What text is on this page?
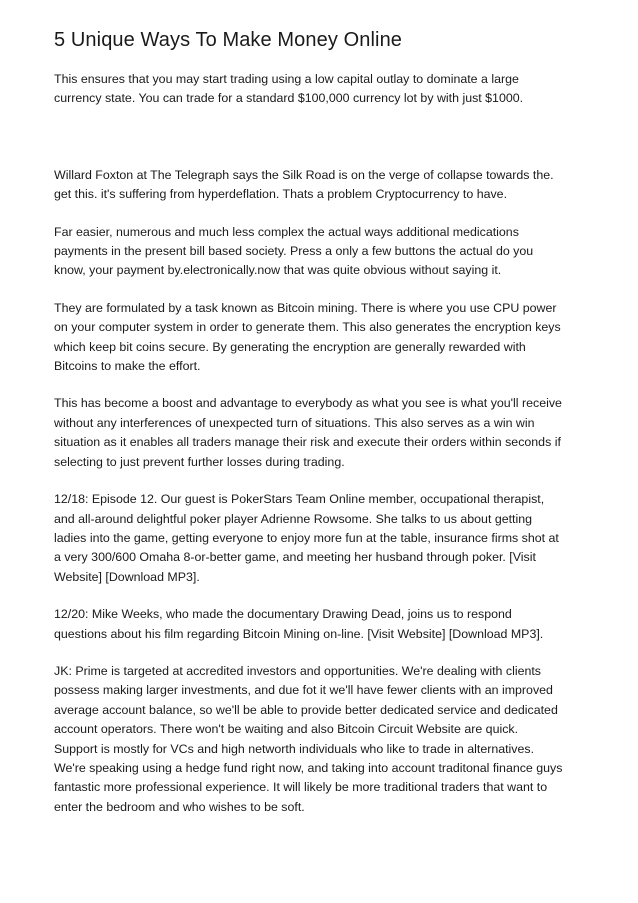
5 Unique Ways To Make Money Online

This ensures that you may start trading using a low capital outlay to dominate a large
currency state. You can trade for a standard $100,000 currency lot by with just $1000.

Willard Foxton at The Telegraph says the Silk Road is on the verge of collapse towards the.
get this. it's suffering from hyperdeflation. Thats a problem Cryptocurrency to have.

Far easier, numerous and much less complex the actual ways additional medications
payments in the present bill based society. Press a only a few buttons the actual do you
know, your payment by.electronically.now that was quite obvious without saying it.

They are formulated by a task known as Bitcoin mining. There is where you use CPU power
on your computer system in order to generate them. This also generates the encryption keys
which keep bit coins secure. By generating the encryption are generally rewarded with
Bitcoins to make the effort.

This has become a boost and advantage to everybody as what you see is what you'll receive
without any interferences of unexpected turn of situations. This also serves as a win win
situation as it enables all traders manage their risk and execute their orders within seconds if
selecting to just prevent further losses during trading.

12/18: Episode 12. Our guest is PokerStars Team Online member, occupational therapist,
and all-around delightful poker player Adrienne Rowsome. She talks to us about getting
ladies into the game, getting everyone to enjoy more fun at the table, insurance firms shot at
a very 300/600 Omaha 8-or-better game, and meeting her husband through poker. [Visit
Website] [Download MP3].

12/20: Mike Weeks, who made the documentary Drawing Dead, joins us to respond
questions about his film regarding Bitcoin Mining on-line. [Visit Website] [Download MP3].

JK: Prime is targeted at accredited investors and opportunities. We're dealing with clients
possess making larger investments, and due fot it we'll have fewer clients with an improved
average account balance, so we'll be able to provide better dedicated service and dedicated
account operators. There won't be waiting and also Bitcoin Circuit Website are quick.
Support is mostly for VCs and high networth individuals who like to trade in alternatives.
We're speaking using a hedge fund right now, and taking into account traditonal finance guys
fantastic more professional experience. It will likely be more traditional traders that want to
enter the bedroom and who wishes to be soft.
